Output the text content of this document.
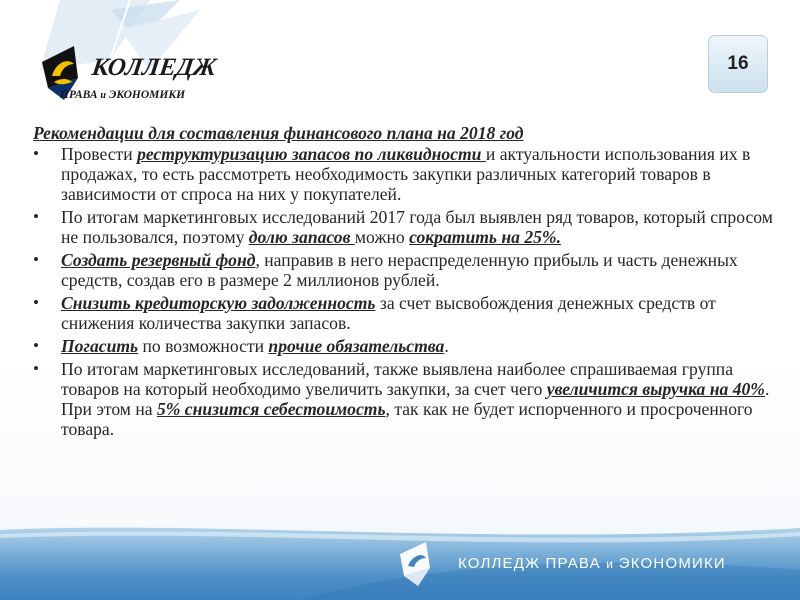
КОЛЛЕДЖ
ПРАВА и ЭКОНОМИКИ
16
Рекомендации для составления финансового плана на 2018 год
• Провести реструктуризацию запасов по ликвидности и актуальности использования их в продажах, то есть рассмотреть необходимость закупки различных категорий товаров в зависимости от спроса на них у покупателей.
• По итогам маркетинговых исследований 2017 года был выявлен ряд товаров, который спросом не пользовался, поэтому долю запасов можно сократить на 25%.
• Создать резервный фонд, направив в него нераспределенную прибыль и часть денежных средств, создав его в размере 2 миллионов рублей.
• Снизить кредиторскую задолженность за счет высвобождения денежных средств от снижения количества закупки запасов.
• Погасить по возможности прочие обязательства.
• По итогам маркетинговых исследований, также выявлена наиболее спрашиваемая группа товаров на который необходимо увеличить закупки, за счет чего увеличится выручка на 40%. При этом на 5% снизится себестоимость, так как не будет испорченного и просроченного товара.
КОЛЛЕДЖ ПРАВА и ЭКОНОМИКИ
